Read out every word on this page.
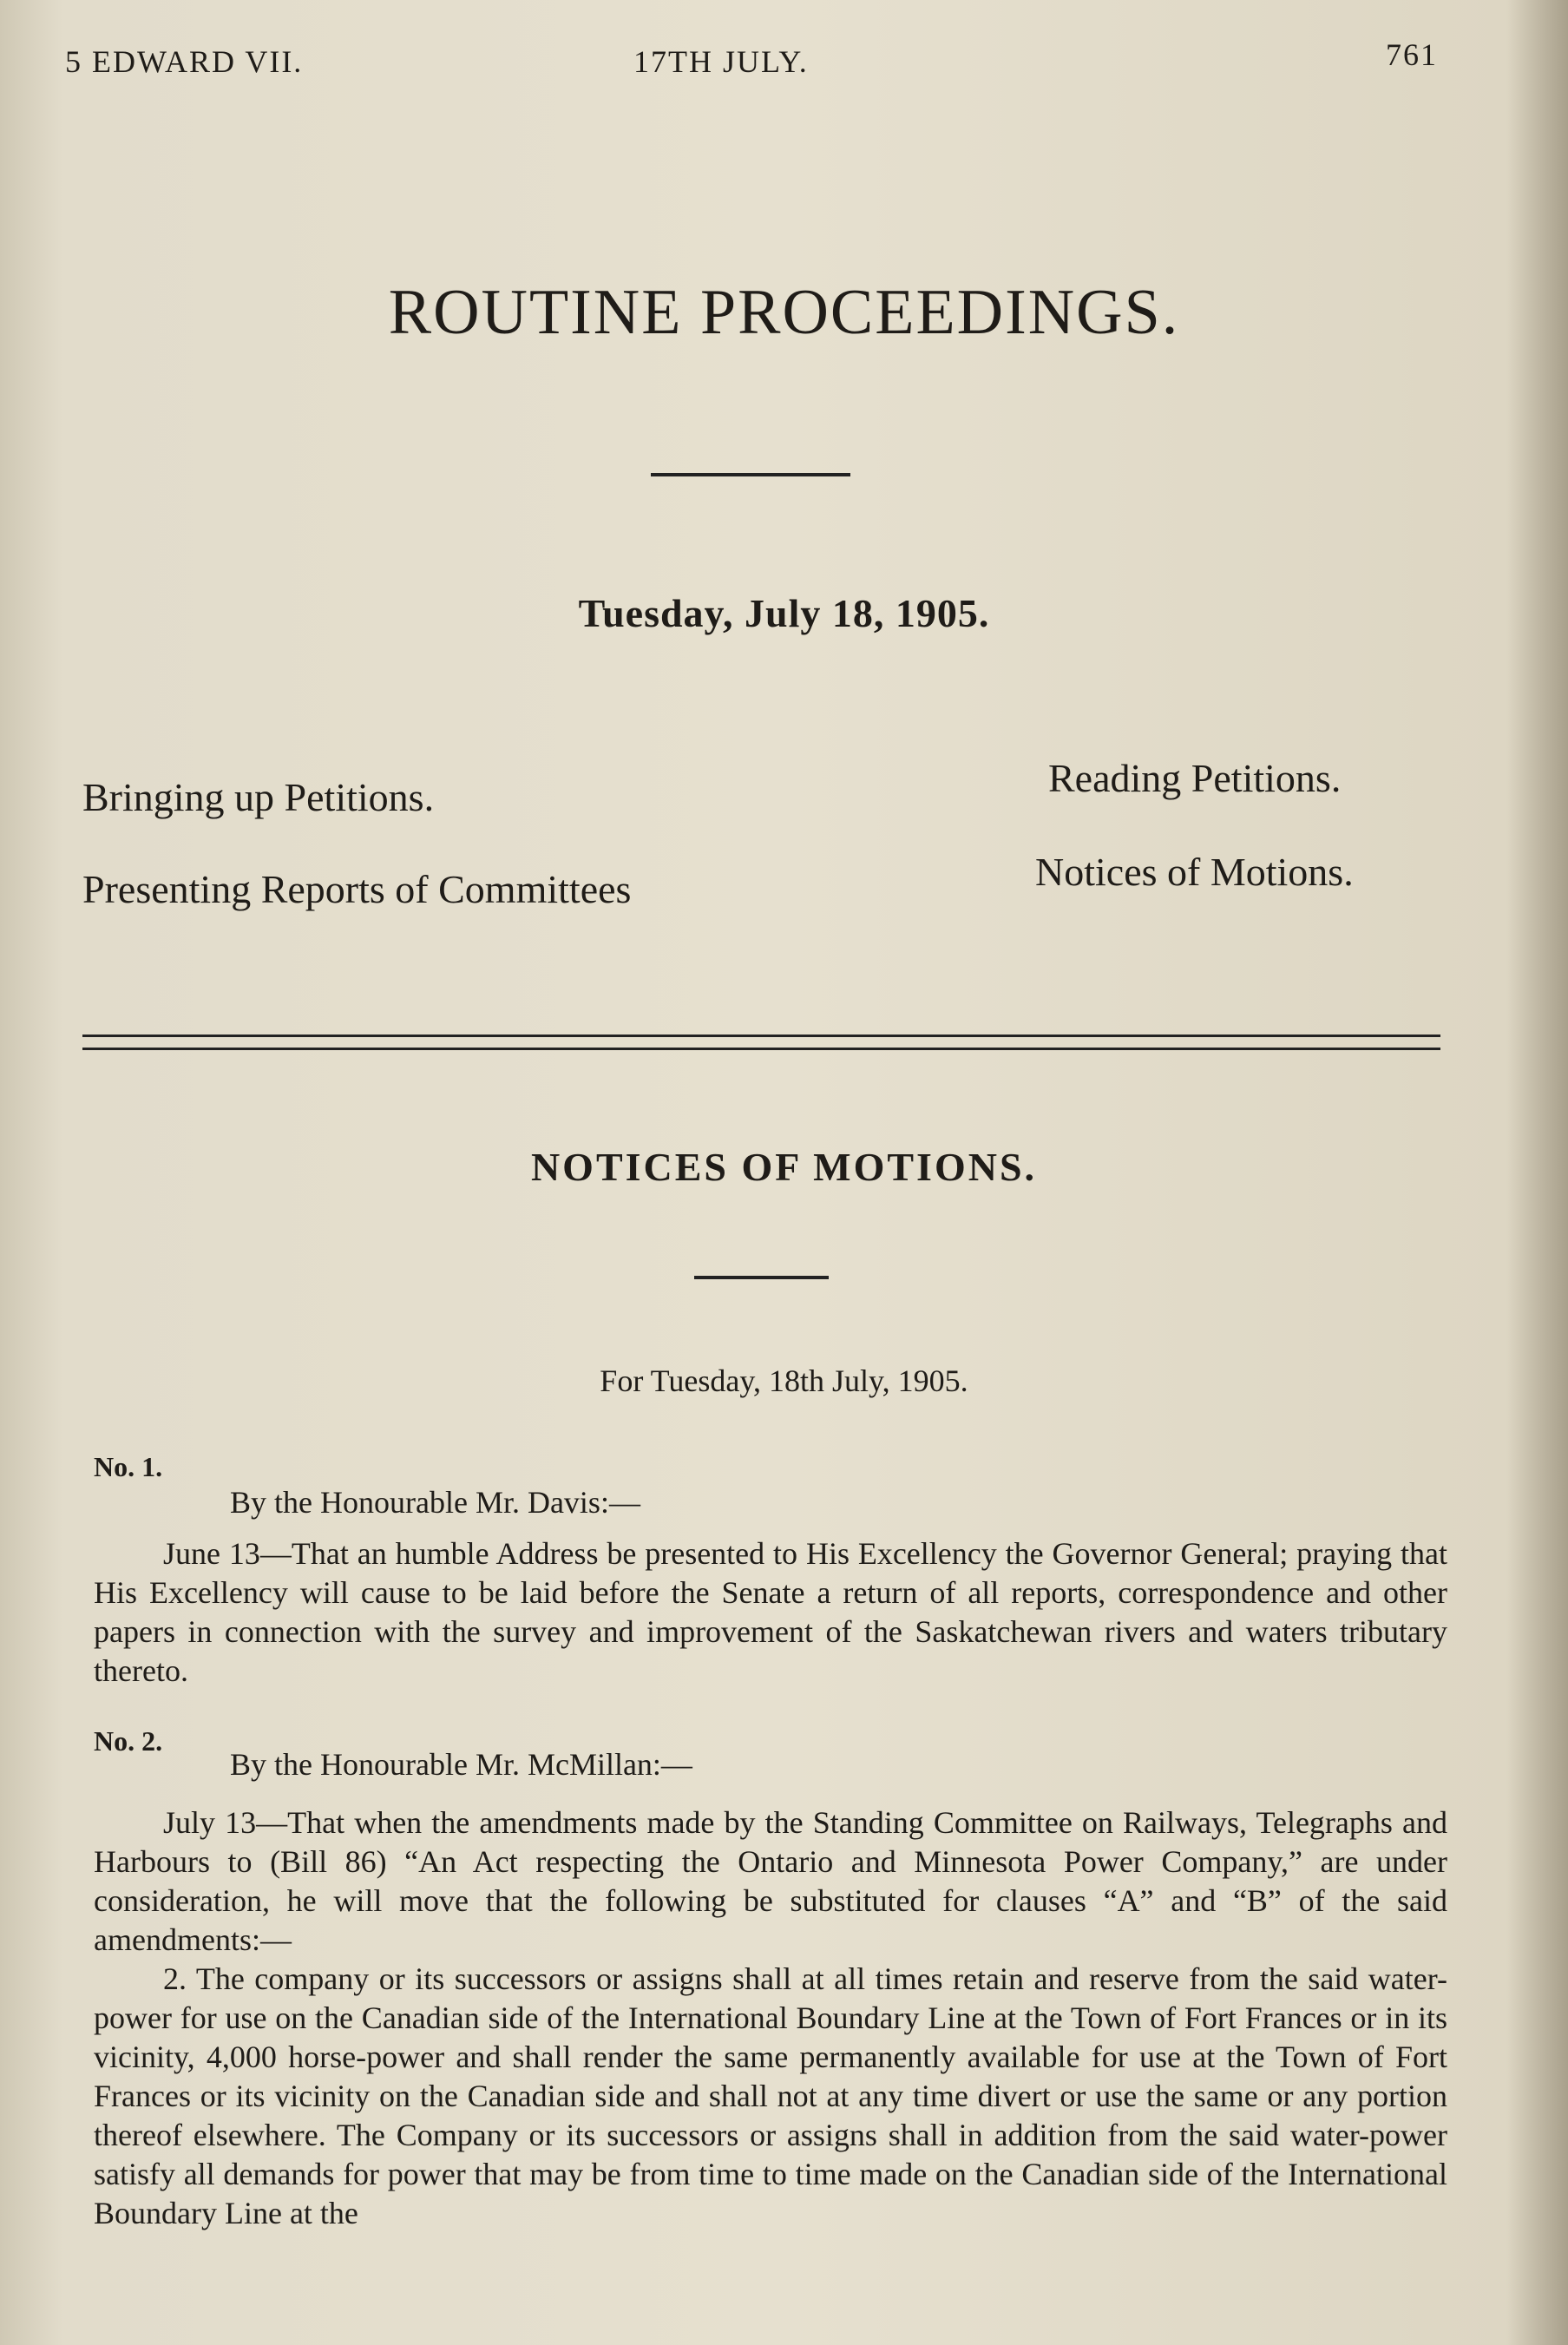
5 EDWARD VII.	17TH JULY.	761
ROUTINE PROCEEDINGS.
Tuesday, July 18, 1905.
Bringing up Petitions.	Reading Petitions.
Presenting Reports of Committees	Notices of Motions.
NOTICES OF MOTIONS.
For Tuesday, 18th July, 1905.
No. 1.
By the Honourable Mr. Davis:—

June 13—That an humble Address be presented to His Excellency the Governor General; praying that His Excellency will cause to be laid before the Senate a return of all reports, correspondence and other papers in connection with the survey and improvement of the Saskatchewan rivers and waters tributary thereto.

No. 2.
By the Honourable Mr. McMillan:—

July 13—That when the amendments made by the Standing Committee on Railways, Telegraphs and Harbours to (Bill 86) “An Act respecting the Ontario and Minnesota Power Company,” are under consideration, he will move that the following be substituted for clauses “A” and “B” of the said amendments:—

2. The company or its successors or assigns shall at all times retain and reserve from the said water-power for use on the Canadian side of the International Boundary Line at the Town of Fort Frances or in its vicinity, 4,000 horse-power and shall render the same permanently available for use at the Town of Fort Frances or its vicinity on the Canadian side and shall not at any time divert or use the same or any portion thereof elsewhere. The Company or its successors or assigns shall in addition from the said water-power satisfy all demands for power that may be from time to time made on the Canadian side of the International Boundary Line at the
